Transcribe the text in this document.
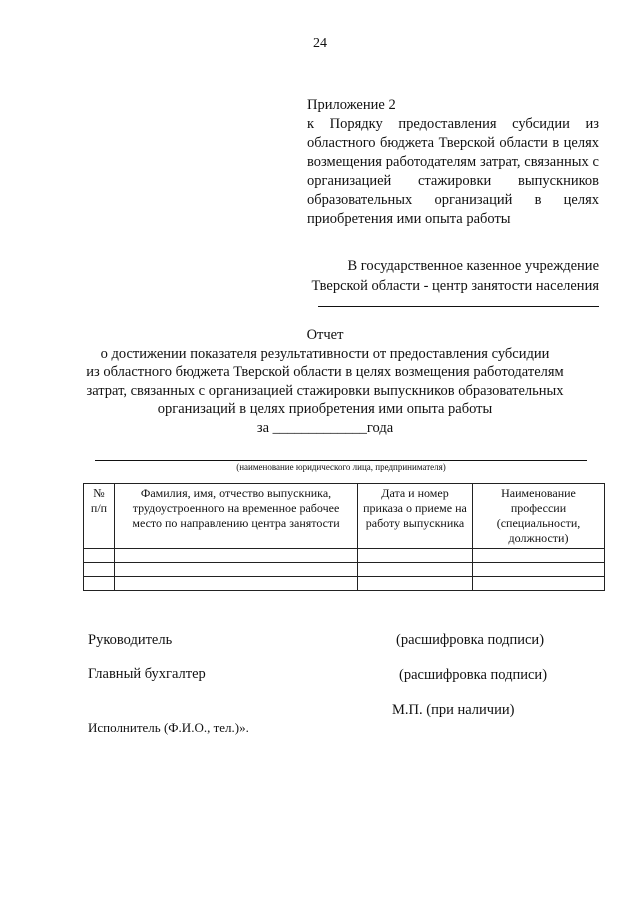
24
Приложение 2
к Порядку предоставления субсидии из областного бюджета Тверской области в целях возмещения работодателям затрат, связанных с организацией стажировки выпускников образовательных организаций в целях приобретения ими опыта работы
В государственное казенное учреждение
Тверской области - центр занятости населения
Отчет
о достижении показателя результативности от предоставления субсидии
из областного бюджета Тверской области в целях возмещения работодателям
затрат, связанных с организацией стажировки выпускников образовательных
организаций в целях приобретения ими опыта работы
за _____________года
(наименование юридического лица, предпринимателя)
№ п/п	Фамилия, имя, отчество выпускника, трудоустроенного на временное рабочее место по направлению центра занятости	Дата и номер приказа о приеме на работу выпускника	Наименование профессии (специальности, должности)

Руководитель	(расшифровка подписи)
Главный бухгалтер	(расшифровка подписи)
М.П. (при наличии)
Исполнитель (Ф.И.О., тел.)».
